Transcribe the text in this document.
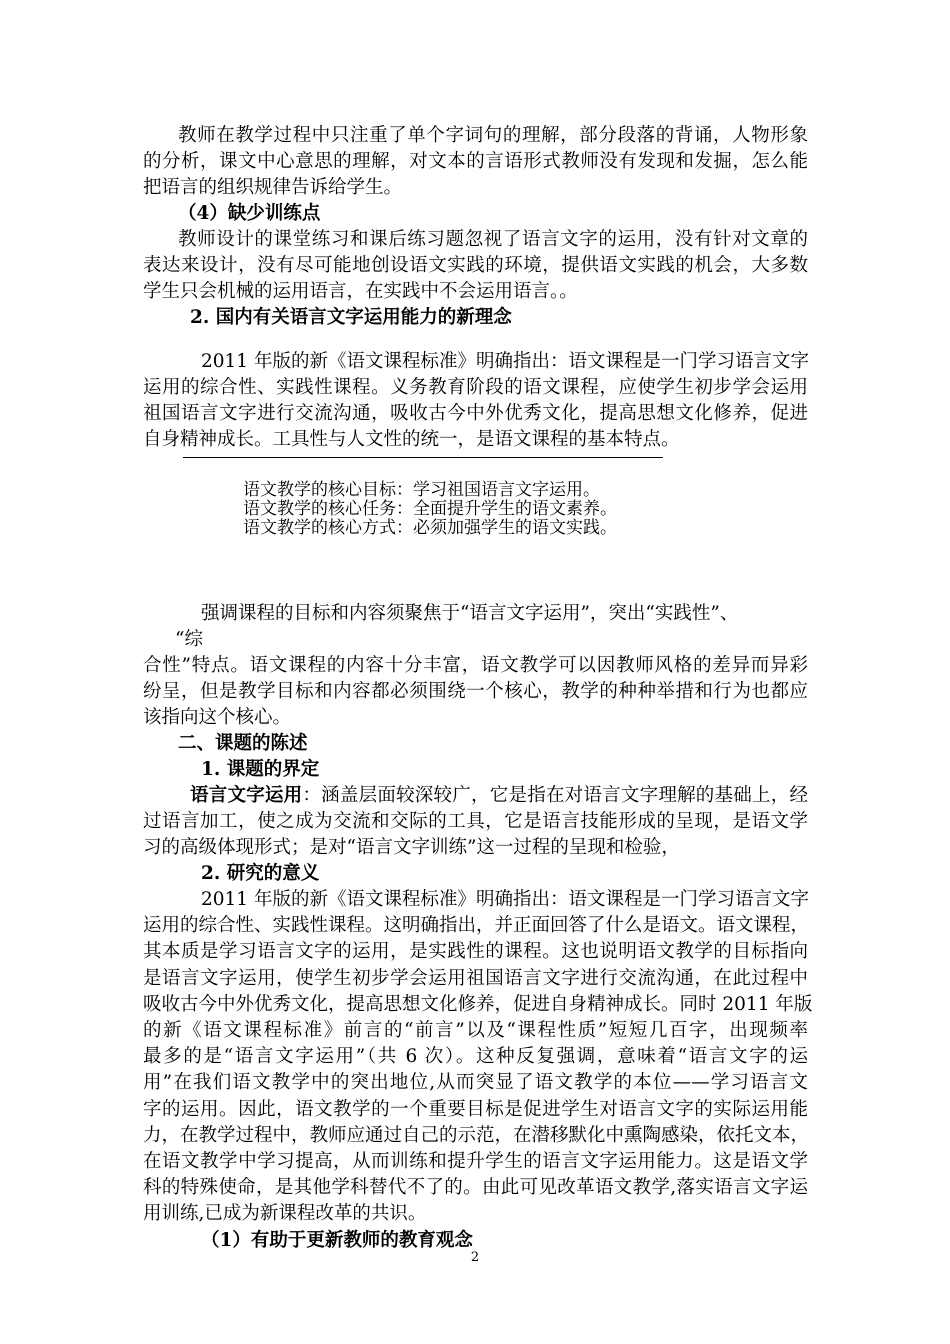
教师在教学过程中只注重了单个字词句的理解，部分段落的背诵，人物形象
的分析，课文中心意思的理解，对文本的言语形式教师没有发现和发掘，怎么能
把语言的组织规律告诉给学生。
（4）缺少训练点
教师设计的课堂练习和课后练习题忽视了语言文字的运用，没有针对文章的
表达来设计，没有尽可能地创设语文实践的环境，提供语文实践的机会，大多数
学生只会机械的运用语言，在实践中不会运用语言。。
2. 国内有关语言文字运用能力的新理念
2011 年版的新《语文课程标准》明确指出：语文课程是一门学习语言文字
运用的综合性、实践性课程。义务教育阶段的语文课程，应使学生初步学会运用
祖国语言文字进行交流沟通，吸收古今中外优秀文化，提高思想文化修养，促进
自身精神成长。工具性与人文性的统一，是语文课程的基本特点。
语文教学的核心目标：学习祖国语言文字运用。
语文教学的核心任务：全面提升学生的语文素养。
语文教学的核心方式：必须加强学生的语文实践。
强调课程的目标和内容须聚焦于“语言文字运用”，突出“实践性”、
“综
合性”特点。语文课程的内容十分丰富，语文教学可以因教师风格的差异而异彩
纷呈，但是教学目标和内容都必须围绕一个核心，教学的种种举措和行为也都应
该指向这个核心。
二、课题的陈述
1. 课题的界定
语言文字运用：涵盖层面较深较广，它是指在对语言文字理解的基础上，经
过语言加工，使之成为交流和交际的工具，它是语言技能形成的呈现，是语文学
习的高级体现形式；是对“语言文字训练”这一过程的呈现和检验，
2. 研究的意义
2011 年版的新《语文课程标准》明确指出：语文课程是一门学习语言文字
运用的综合性、实践性课程。这明确指出，并正面回答了什么是语文。语文课程，
其本质是学习语言文字的运用，是实践性的课程。这也说明语文教学的目标指向
是语言文字运用，使学生初步学会运用祖国语言文字进行交流沟通，在此过程中
吸收古今中外优秀文化，提高思想文化修养，促进自身精神成长。同时 2011 年版
的新《语文课程标准》前言的“前言”以及“课程性质”短短几百字，出现频率
最多的是“语言文字运用”（共 6 次）。这种反复强调，意味着“语言文字的运
用”在我们语文教学中的突出地位,从而突显了语文教学的本位——学习语言文
字的运用。因此，语文教学的一个重要目标是促进学生对语言文字的实际运用能
力，在教学过程中，教师应通过自己的示范，在潜移默化中熏陶感染，依托文本，
在语文教学中学习提高，从而训练和提升学生的语言文字运用能力。这是语文学
科的特殊使命，是其他学科替代不了的。由此可见改革语文教学,落实语言文字运
用训练,已成为新课程改革的共识。
（1）有助于更新教师的教育观念
2
